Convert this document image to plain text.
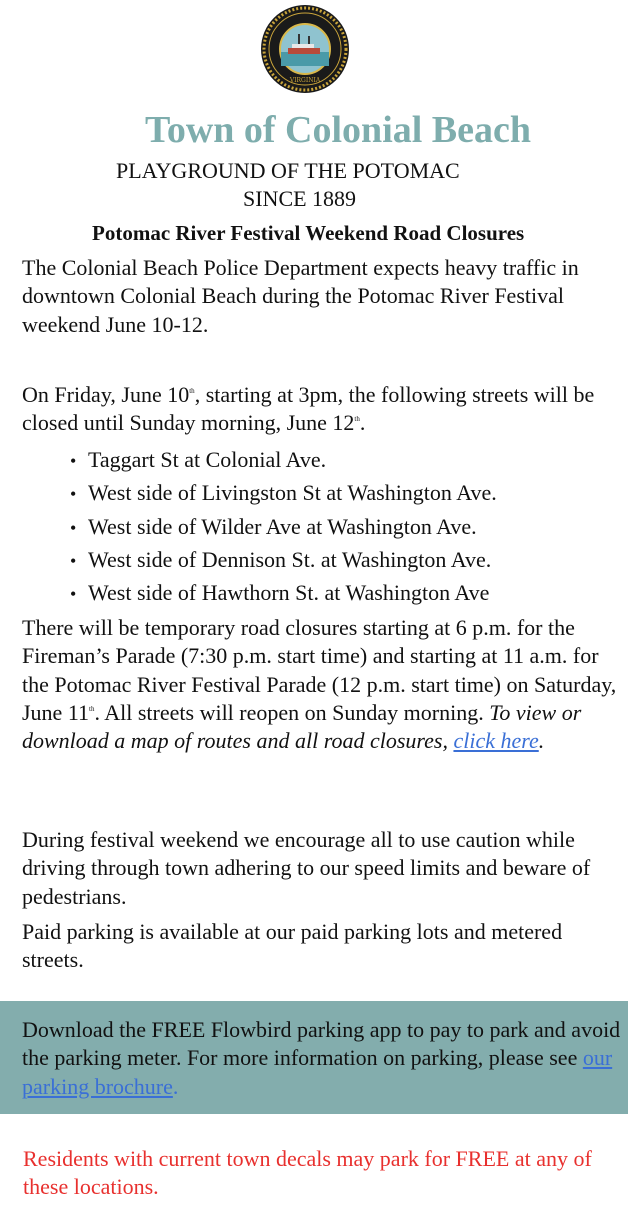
VIRGINIA
Town of Colonial Beach
PLAYGROUND OF THE POTOMAC
SINCE 1889
Potomac River Festival Weekend Road Closures
The Colonial Beach Police Department expects heavy traffic in downtown Colonial Beach during the Potomac River Festival weekend June 10-12.
On Friday, June 10th, starting at 3pm, the following streets will be closed until Sunday morning, June 12th.
• Taggart St at Colonial Ave.
• West side of Livingston St at Washington Ave.
• West side of Wilder Ave at Washington Ave.
• West side of Dennison St. at Washington Ave.
• West side of Hawthorn St. at Washington Ave
There will be temporary road closures starting at 6 p.m. for the Fireman’s Parade (7:30 p.m. start time) and starting at 11 a.m. for the Potomac River Festival Parade (12 p.m. start time) on Saturday, June 11th. All streets will reopen on Sunday morning. To view or download a map of routes and all road closures, click here.
During festival weekend we encourage all to use caution while driving through town adhering to our speed limits and beware of pedestrians.
Paid parking is available at our paid parking lots and metered streets.
Download the FREE Flowbird parking app to pay to park and avoid the parking meter. For more information on parking, please see our parking brochure.
Residents with current town decals may park for FREE at any of these locations.
